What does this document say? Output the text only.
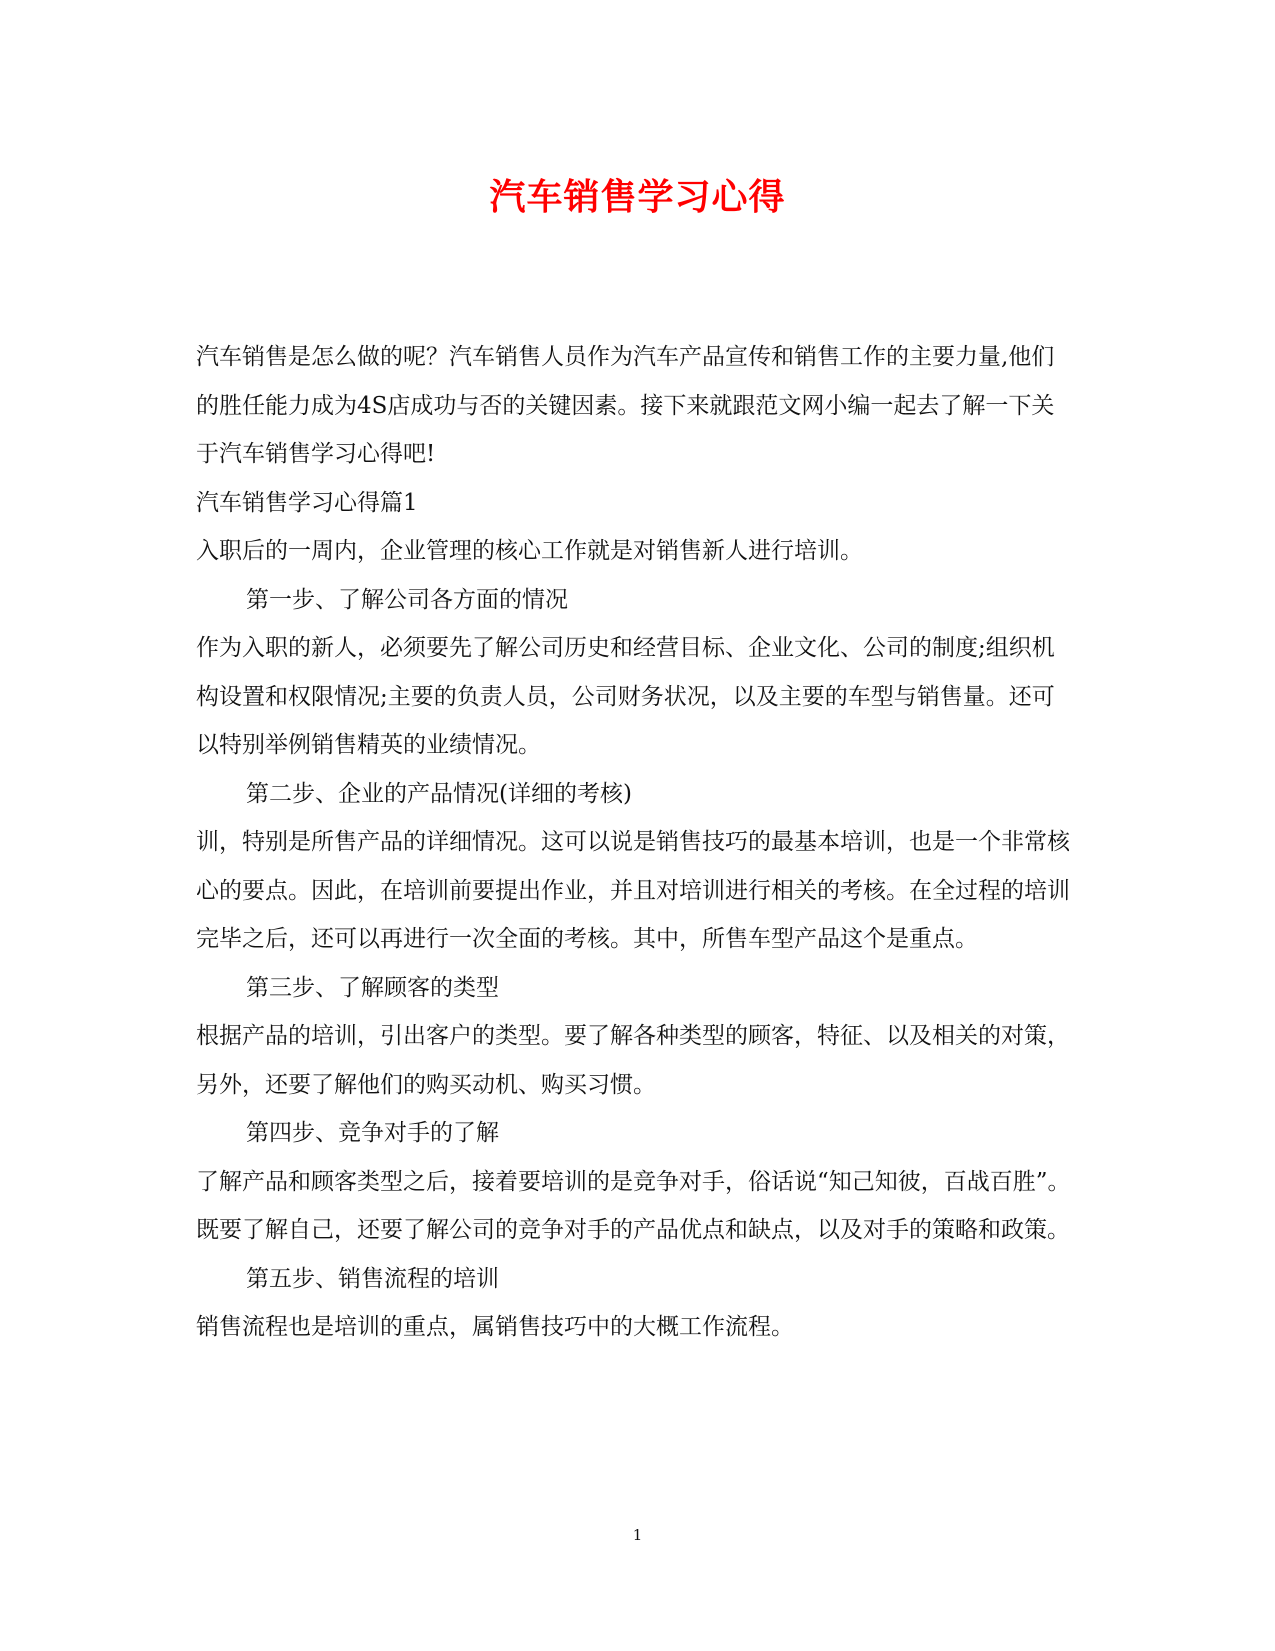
汽车销售学习心得

汽车销售是怎么做的呢？汽车销售人员作为汽车产品宣传和销售工作的主要力量,他们的胜任能力成为4S店成功与否的关键因素。接下来就跟范文网小编一起去了解一下关于汽车销售学习心得吧!

汽车销售学习心得篇1

入职后的一周内，企业管理的核心工作就是对销售新人进行培训。

第一步、了解公司各方面的情况

作为入职的新人，必须要先了解公司历史和经营目标、企业文化、公司的制度;组织机构设置和权限情况;主要的负责人员，公司财务状况，以及主要的车型与销售量。还可以特别举例销售精英的业绩情况。

第二步、企业的产品情况(详细的考核)

训，特别是所售产品的详细情况。这可以说是销售技巧的最基本培训，也是一个非常核心的要点。因此，在培训前要提出作业，并且对培训进行相关的考核。在全过程的培训完毕之后，还可以再进行一次全面的考核。其中，所售车型产品这个是重点。

第三步、了解顾客的类型

根据产品的培训，引出客户的类型。要了解各种类型的顾客，特征、以及相关的对策，另外，还要了解他们的购买动机、购买习惯。

第四步、竞争对手的了解

了解产品和顾客类型之后，接着要培训的是竞争对手，俗话说“知己知彼，百战百胜”。既要了解自己，还要了解公司的竞争对手的产品优点和缺点，以及对手的策略和政策。

第五步、销售流程的培训

销售流程也是培训的重点，属销售技巧中的大概工作流程。

1
